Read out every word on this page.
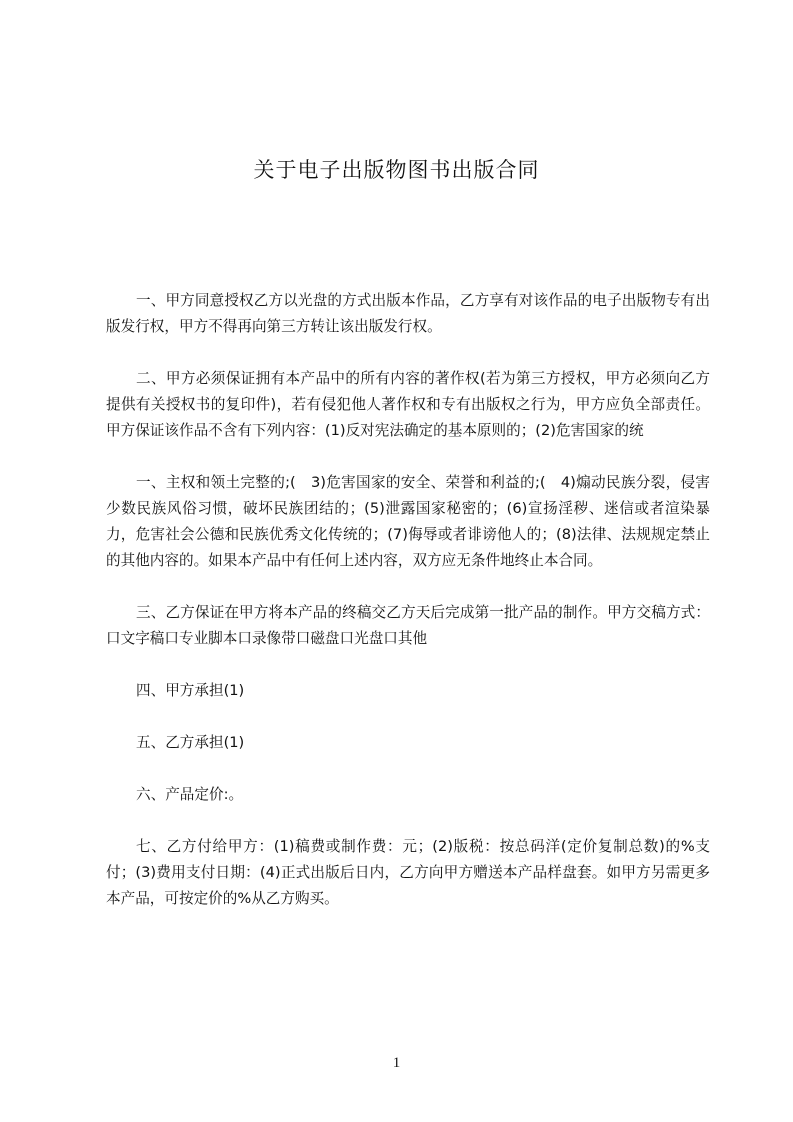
关于电子出版物图书出版合同

一、甲方同意授权乙方以光盘的方式出版本作品，乙方享有对该作品的电子出版物专有出版发行权，甲方不得再向第三方转让该出版发行权。

二、甲方必须保证拥有本产品中的所有内容的著作权(若为第三方授权，甲方必须向乙方提供有关授权书的复印件)，若有侵犯他人著作权和专有出版权之行为，甲方应负全部责任。甲方保证该作品不含有下列内容：(1)反对宪法确定的基本原则的；(2)危害国家的统

一、主权和领土完整的;(　3)危害国家的安全、荣誉和利益的;(　4)煽动民族分裂，侵害少数民族风俗习惯，破坏民族团结的；(5)泄露国家秘密的；(6)宣扬淫秽、迷信或者渲染暴力，危害社会公德和民族优秀文化传统的；(7)侮辱或者诽谤他人的；(8)法律、法规规定禁止的其他内容的。如果本产品中有任何上述内容，双方应无条件地终止本合同。

三、乙方保证在甲方将本产品的终稿交乙方天后完成第一批产品的制作。甲方交稿方式：口文字稿口专业脚本口录像带口磁盘口光盘口其他

四、甲方承担(1)

五、乙方承担(1)

六、产品定价:。

七、乙方付给甲方：(1)稿费或制作费：元；(2)版税：按总码洋(定价复制总数)的%支付；(3)费用支付日期：(4)正式出版后日内，乙方向甲方赠送本产品样盘套。如甲方另需更多本产品，可按定价的%从乙方购买。

1
